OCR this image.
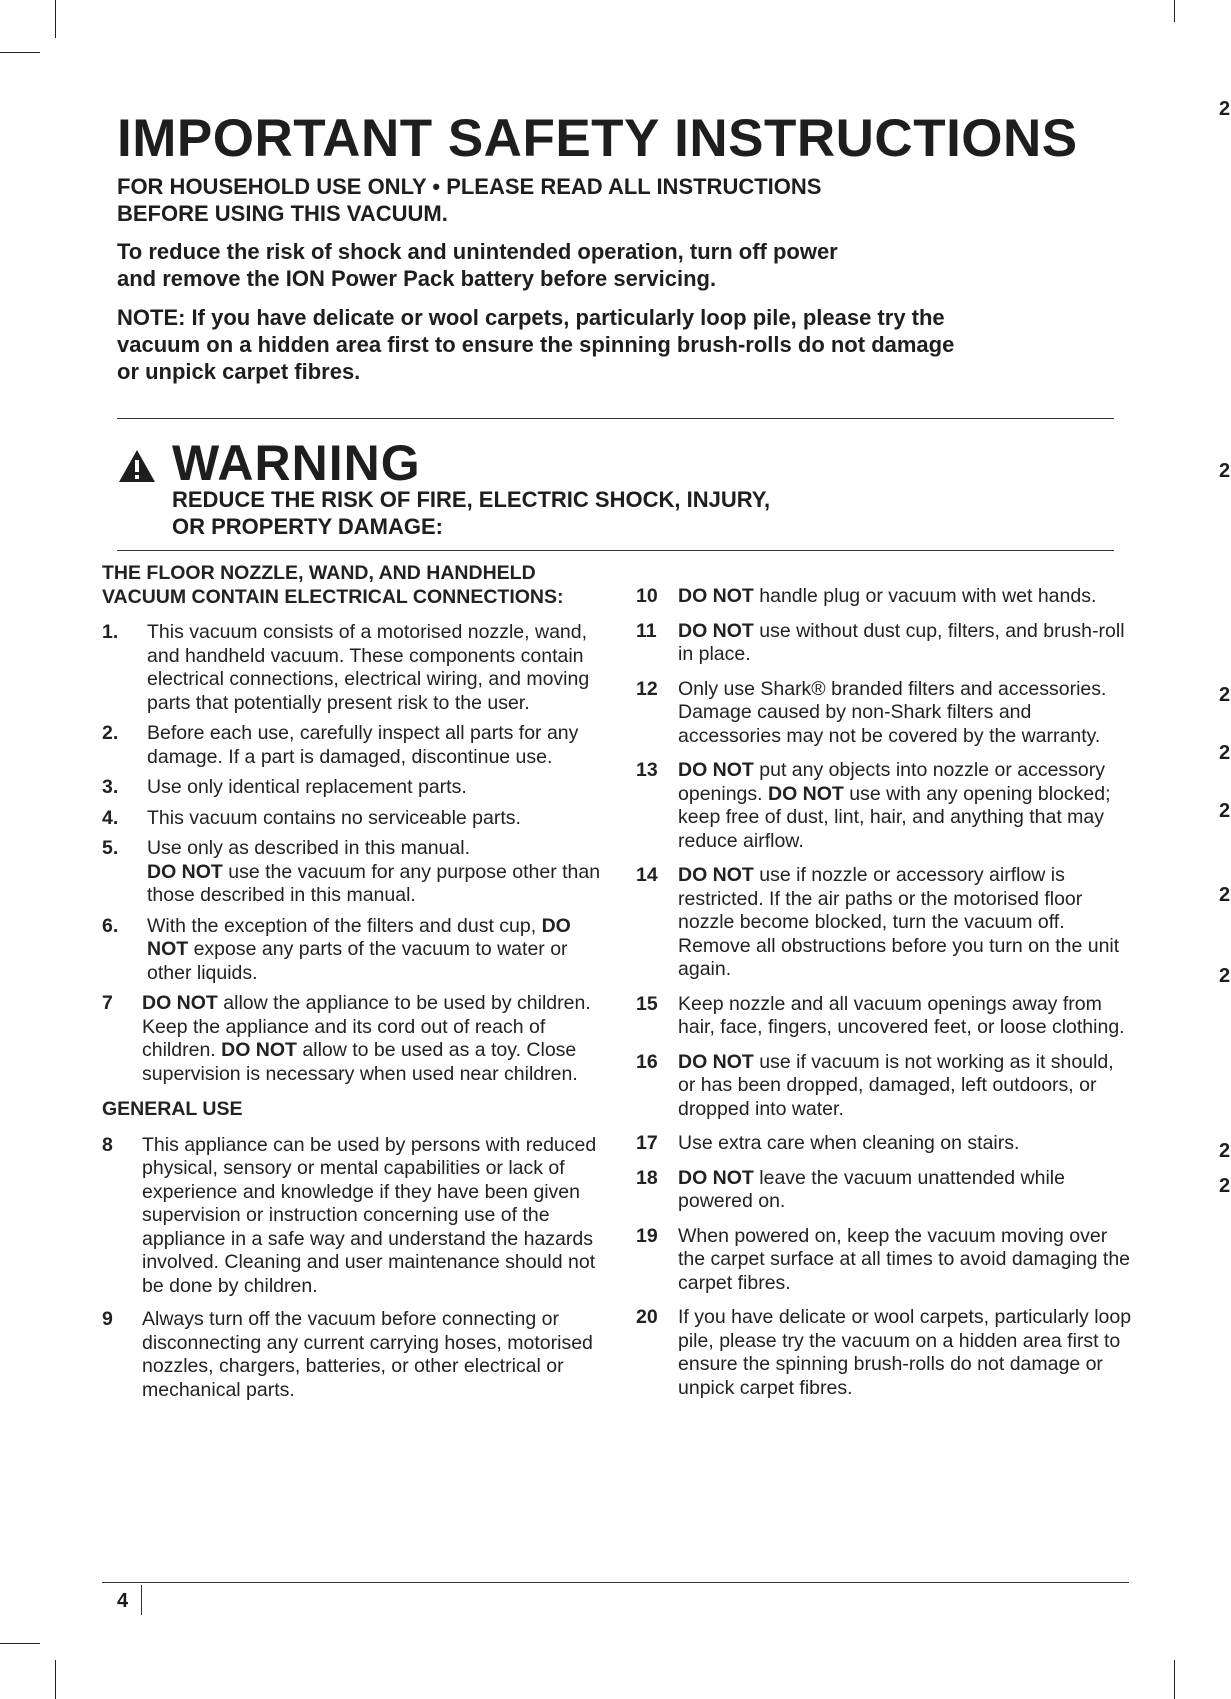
2
2
2
2
2
2
2
2
2
IMPORTANT SAFETY INSTRUCTIONS

FOR HOUSEHOLD USE ONLY • PLEASE READ ALL INSTRUCTIONS

BEFORE USING THIS VACUUM.

To reduce the risk of shock and unintended operation, turn off power

and remove the ION Power Pack battery before servicing.

NOTE: If you have delicate or wool carpets, particularly loop pile, please try the

vacuum on a hidden area first to ensure the spinning brush-rolls do not damage

or unpick carpet fibres.

WARNING
REDUCE THE RISK OF FIRE, ELECTRIC SHOCK, INJURY,
OR PROPERTY DAMAGE:

THE FLOOR NOZZLE, WAND, AND HANDHELD VACUUM CONTAIN ELECTRICAL CONNECTIONS:

1.	This vacuum consists of a motorised nozzle, wand, and handheld vacuum. These components contain electrical connections, electrical wiring, and moving parts that potentially present risk to the user.
2.	Before each use, carefully inspect all parts for any damage. If a part is damaged, discontinue use.
3.	Use only identical replacement parts.
4.	This vacuum contains no serviceable parts.
5.	Use only as described in this manual.
DO NOT use the vacuum for any purpose other than those described in this manual.
6.	With the exception of the filters and dust cup, DO NOT expose any parts of the vacuum to water or other liquids.
7	DO NOT allow the appliance to be used by children. Keep the appliance and its cord out of reach of children. DO NOT allow to be used as a toy. Close supervision is necessary when used near children.

GENERAL USE

8	This appliance can be used by persons with reduced physical, sensory or mental capabilities or lack of experience and knowledge if they have been given supervision or instruction concerning use of the appliance in a safe way and understand the hazards involved. Cleaning and user maintenance should not be done by children.
9	Always turn off the vacuum before connecting or disconnecting any current carrying hoses, motorised nozzles, chargers, batteries, or other electrical or mechanical parts.
10	DO NOT handle plug or vacuum with wet hands.
11	DO NOT use without dust cup, filters, and brush-roll in place.
12	Only use Shark® branded filters and accessories. Damage caused by non-Shark filters and accessories may not be covered by the warranty.
13	DO NOT put any objects into nozzle or accessory openings. DO NOT use with any opening blocked; keep free of dust, lint, hair, and anything that may reduce airflow.
14	DO NOT use if nozzle or accessory airflow is restricted. If the air paths or the motorised floor nozzle become blocked, turn the vacuum off. Remove all obstructions before you turn on the unit again.
15	Keep nozzle and all vacuum openings away from hair, face, fingers, uncovered feet, or loose clothing.
16	DO NOT use if vacuum is not working as it should, or has been dropped, damaged, left outdoors, or dropped into water.
17	Use extra care when cleaning on stairs.
18	DO NOT leave the vacuum unattended while powered on.
19	When powered on, keep the vacuum moving over the carpet surface at all times to avoid damaging the carpet fibres.
20	If you have delicate or wool carpets, particularly loop pile, please try the vacuum on a hidden area first to ensure the spinning brush-rolls do not damage or unpick carpet fibres.
4
